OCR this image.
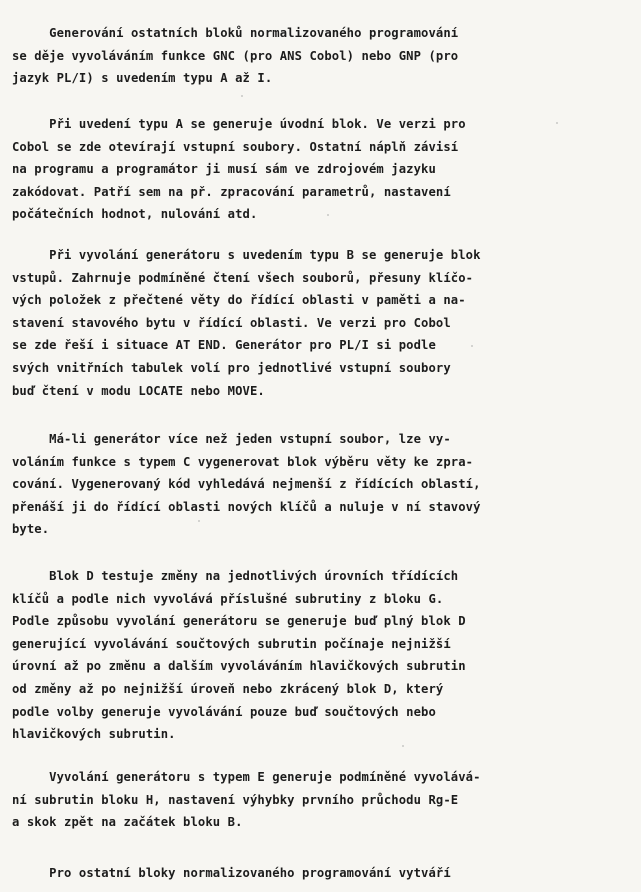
Generování ostatních bloků normalizovaného programování
se děje vyvoláváním funkce GNC (pro ANS Cobol) nebo GNP (pro
jazyk PL/I) s uvedením typu A až I.
Při uvedení typu A se generuje úvodní blok. Ve verzi pro
Cobol se zde otevírají vstupní soubory. Ostatní náplň závisí
na programu a programátor ji musí sám ve zdrojovém jazyku
zakódovat. Patří sem na př. zpracování parametrů, nastavení
počátečních hodnot, nulování atd.
Při vyvolání generátoru s uvedením typu B se generuje blok
vstupů. Zahrnuje podmíněné čtení všech souborů, přesuny klíčo-
vých položek z přečtené věty do řídící oblasti v paměti a na-
stavení stavového bytu v řídící oblasti. Ve verzi pro Cobol
se zde řeší i situace AT END. Generátor pro PL/I si podle
svých vnitřních tabulek volí pro jednotlivé vstupní soubory
buď čtení v modu LOCATE nebo MOVE.
Má-li generátor více než jeden vstupní soubor, lze vy-
voláním funkce s typem C vygenerovat blok výběru věty ke zpra-
cování. Vygenerovaný kód vyhledává nejmenší z řídících oblastí,
přenáší ji do řídící oblasti nových klíčů a nuluje v ní stavový
byte.
Blok D testuje změny na jednotlivých úrovních třídících
klíčů a podle nich vyvolává příslušné subrutiny z bloku G.
Podle způsobu vyvolání generátoru se generuje buď plný blok D
generující vyvolávání součtových subrutin počínaje nejnižší
úrovní až po změnu a dalším vyvoláváním hlavičkových subrutin
od změny až po nejnižší úroveň nebo zkrácený blok D, který
podle volby generuje vyvolávání pouze buď součtových nebo
hlavičkových subrutin.
Vyvolání generátoru s typem E generuje podmíněné vyvolává-
ní subrutin bloku H, nastavení výhybky prvního průchodu Rg-E
a skok zpět na začátek bloku B.
Pro ostatní bloky normalizovaného programování vytváří
